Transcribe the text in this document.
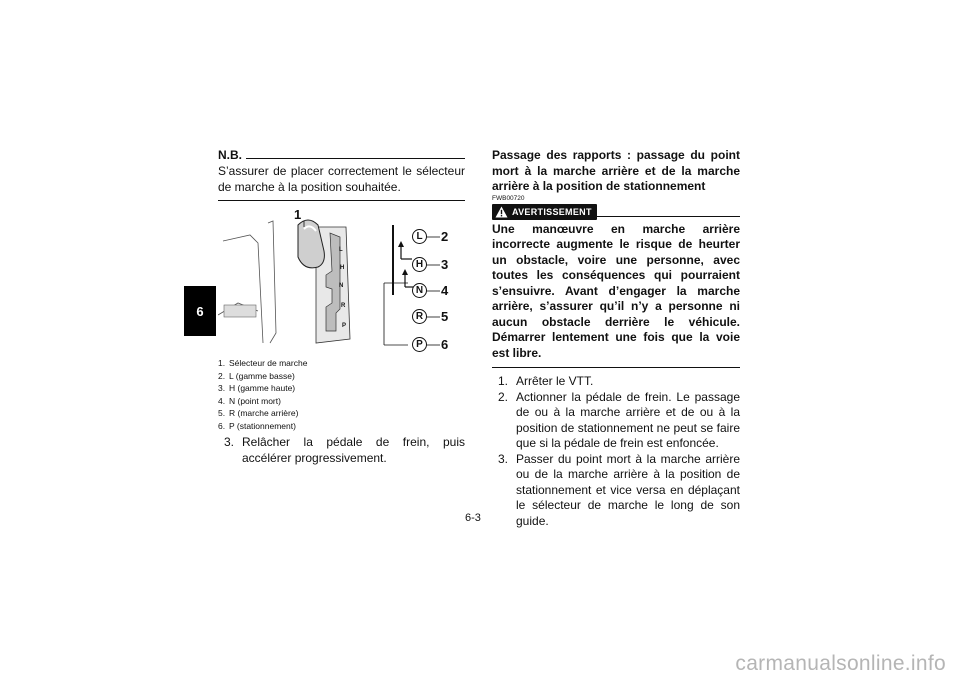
6
N.B.
S’assurer de placer correctement le sélecteur de marche à la position souhaitée.
1
L
H
N
R
P
L
H
N
R
P
2
3
4
5
6
1. Sélecteur de marche
2. L (gamme basse)
3. H (gamme haute)
4. N (point mort)
5. R (marche arrière)
6. P (stationnement)
3. Relâcher la pédale de frein, puis accélérer progressivement.
Passage des rapports : passage du point mort à la marche arrière et de la marche arrière à la position de stationnement
FWB00720
AVERTISSEMENT
Une manœuvre en marche arrière incorrecte augmente le risque de heurter un obstacle, voire une personne, avec toutes les conséquences qui pourraient s’ensuivre. Avant d’engager la marche arrière, s’assurer qu’il n’y a personne ni aucun obstacle derrière le véhicule. Démarrer lentement une fois que la voie est libre.
1. Arrêter le VTT.
2. Actionner la pédale de frein. Le passage de ou à la marche arrière et de ou à la position de stationnement ne peut se faire que si la pédale de frein est enfoncée.
3. Passer du point mort à la marche arrière ou de la marche arrière à la position de stationnement et vice versa en déplaçant le sélecteur de marche le long de son guide.
6-3
carmanualsonline.info
